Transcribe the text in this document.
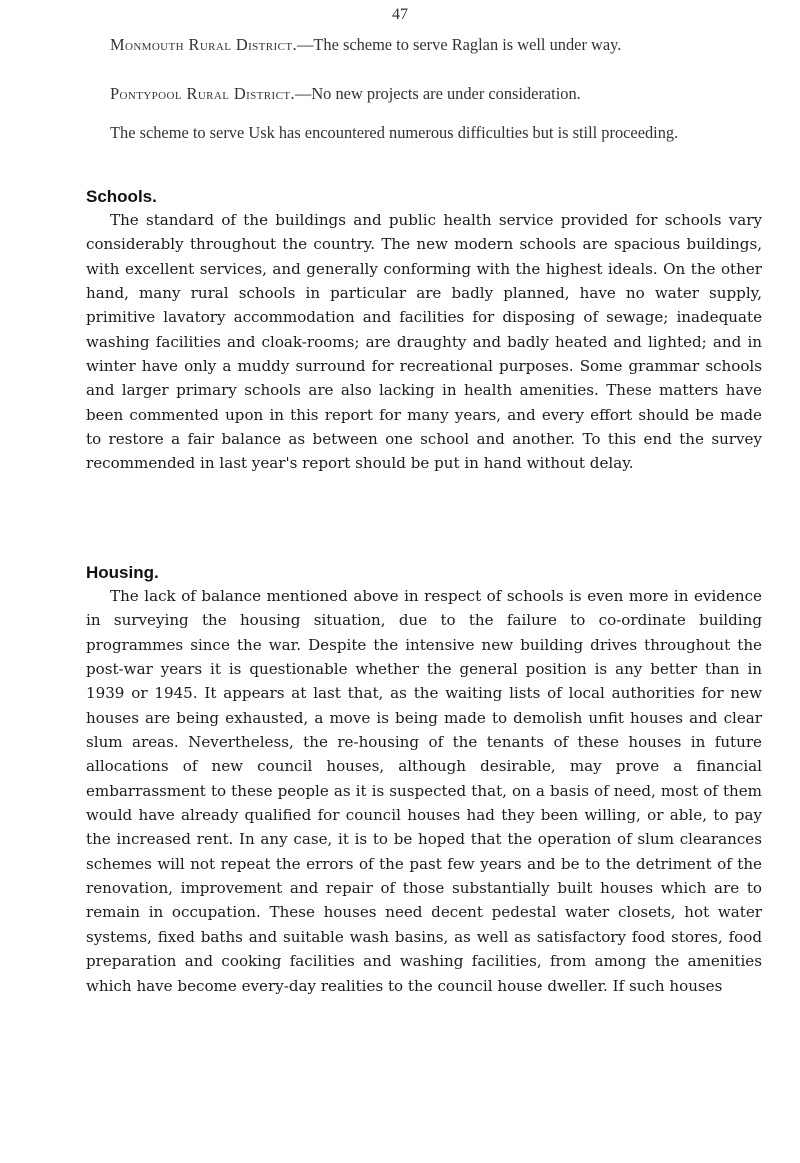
47

Monmouth Rural District.—The scheme to serve Raglan is well under way.

Pontypool Rural District.—No new projects are under consideration.

The scheme to serve Usk has encountered numerous difficulties but is still proceeding.

Schools.

The standard of the buildings and public health service provided for schools vary considerably throughout the country. The new modern schools are spacious buildings, with excellent services, and generally conforming with the highest ideals. On the other hand, many rural schools in particular are badly planned, have no water supply, primitive lavatory accommodation and facilities for disposing of sewage; inadequate washing facilities and cloak-rooms; are draughty and badly heated and lighted; and in winter have only a muddy surround for recreational purposes. Some grammar schools and larger primary schools are also lacking in health amenities. These matters have been commented upon in this report for many years, and every effort should be made to restore a fair balance as between one school and another. To this end the survey recommended in last year's report should be put in hand without delay.

Housing.

The lack of balance mentioned above in respect of schools is even more in evidence in surveying the housing situation, due to the failure to co-ordinate building programmes since the war. Despite the intensive new building drives throughout the post-war years it is questionable whether the general position is any better than in 1939 or 1945. It appears at last that, as the waiting lists of local authorities for new houses are being exhausted, a move is being made to demolish unfit houses and clear slum areas. Nevertheless, the re-housing of the tenants of these houses in future allocations of new council houses, although desirable, may prove a financial embarrassment to these people as it is suspected that, on a basis of need, most of them would have already qualified for council houses had they been willing, or able, to pay the increased rent. In any case, it is to be hoped that the operation of slum clearances schemes will not repeat the errors of the past few years and be to the detriment of the renovation, improvement and repair of those substantially built houses which are to remain in occupation. These houses need decent pedestal water closets, hot water systems, fixed baths and suitable wash basins, as well as satisfactory food stores, food preparation and cooking facilities and washing facilities, from among the amenities which have become every-day realities to the council house dweller. If such houses
